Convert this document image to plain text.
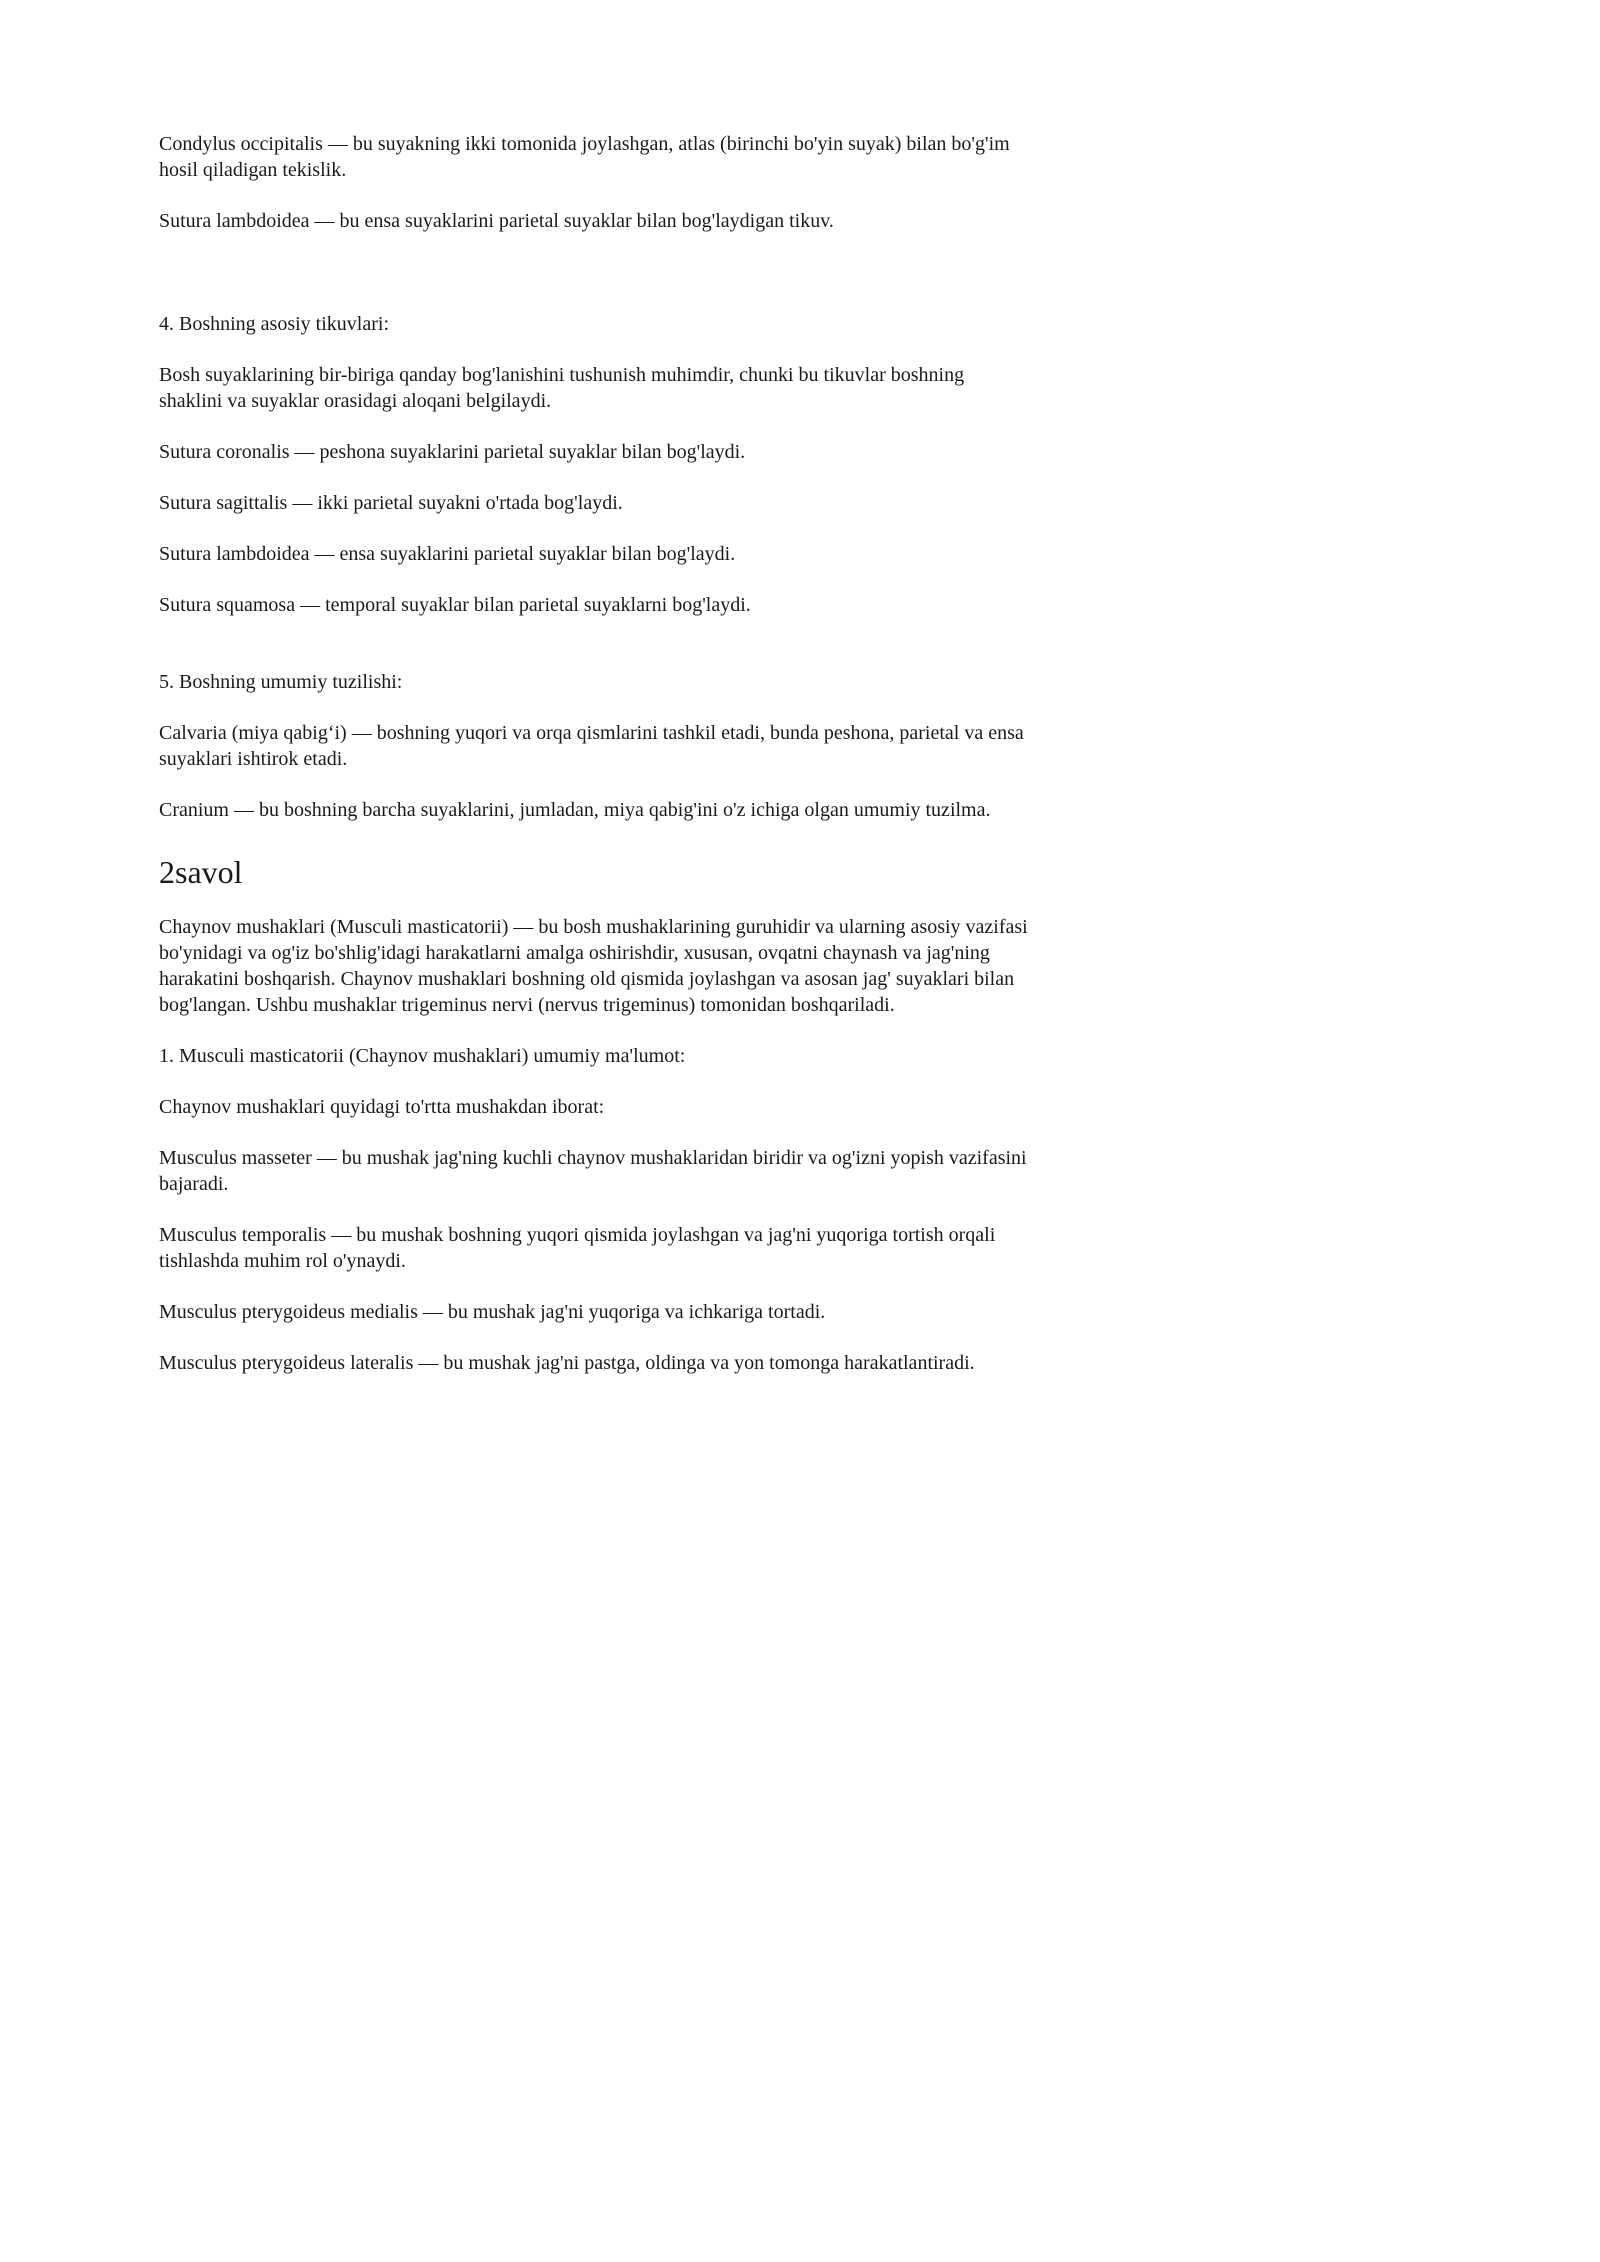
Condylus occipitalis — bu suyakning ikki tomonida joylashgan, atlas (birinchi bo'yin suyak) bilan bo'g'im hosil qiladigan tekislik.

Sutura lambdoidea — bu ensa suyaklarini parietal suyaklar bilan bog'laydigan tikuv.

4. Boshning asosiy tikuvlari:

Bosh suyaklarining bir-biriga qanday bog'lanishini tushunish muhimdir, chunki bu tikuvlar boshning shaklini va suyaklar orasidagi aloqani belgilaydi.

Sutura coronalis — peshona suyaklarini parietal suyaklar bilan bog'laydi.

Sutura sagittalis — ikki parietal suyakni o'rtada bog'laydi.

Sutura lambdoidea — ensa suyaklarini parietal suyaklar bilan bog'laydi.

Sutura squamosa — temporal suyaklar bilan parietal suyaklarni bog'laydi.

5. Boshning umumiy tuzilishi:

Calvaria (miya qabig‘i) — boshning yuqori va orqa qismlarini tashkil etadi, bunda peshona, parietal va ensa suyaklari ishtirok etadi.

Cranium — bu boshning barcha suyaklarini, jumladan, miya qabig'ini o'z ichiga olgan umumiy tuzilma.

2savol

Chaynov mushaklari (Musculi masticatorii) — bu bosh mushaklarining guruhidir va ularning asosiy vazifasi bo'ynidagi va og'iz bo'shlig'idagi harakatlarni amalga oshirishdir, xususan, ovqatni chaynash va jag'ning harakatini boshqarish. Chaynov mushaklari boshning old qismida joylashgan va asosan jag' suyaklari bilan bog'langan. Ushbu mushaklar trigeminus nervi (nervus trigeminus) tomonidan boshqariladi.

1. Musculi masticatorii (Chaynov mushaklari) umumiy ma'lumot:

Chaynov mushaklari quyidagi to'rtta mushakdan iborat:

Musculus masseter — bu mushak jag'ning kuchli chaynov mushaklaridan biridir va og'izni yopish vazifasini bajaradi.

Musculus temporalis — bu mushak boshning yuqori qismida joylashgan va jag'ni yuqoriga tortish orqali tishlashda muhim rol o'ynaydi.

Musculus pterygoideus medialis — bu mushak jag'ni yuqoriga va ichkariga tortadi.

Musculus pterygoideus lateralis — bu mushak jag'ni pastga, oldinga va yon tomonga harakatlantiradi.
